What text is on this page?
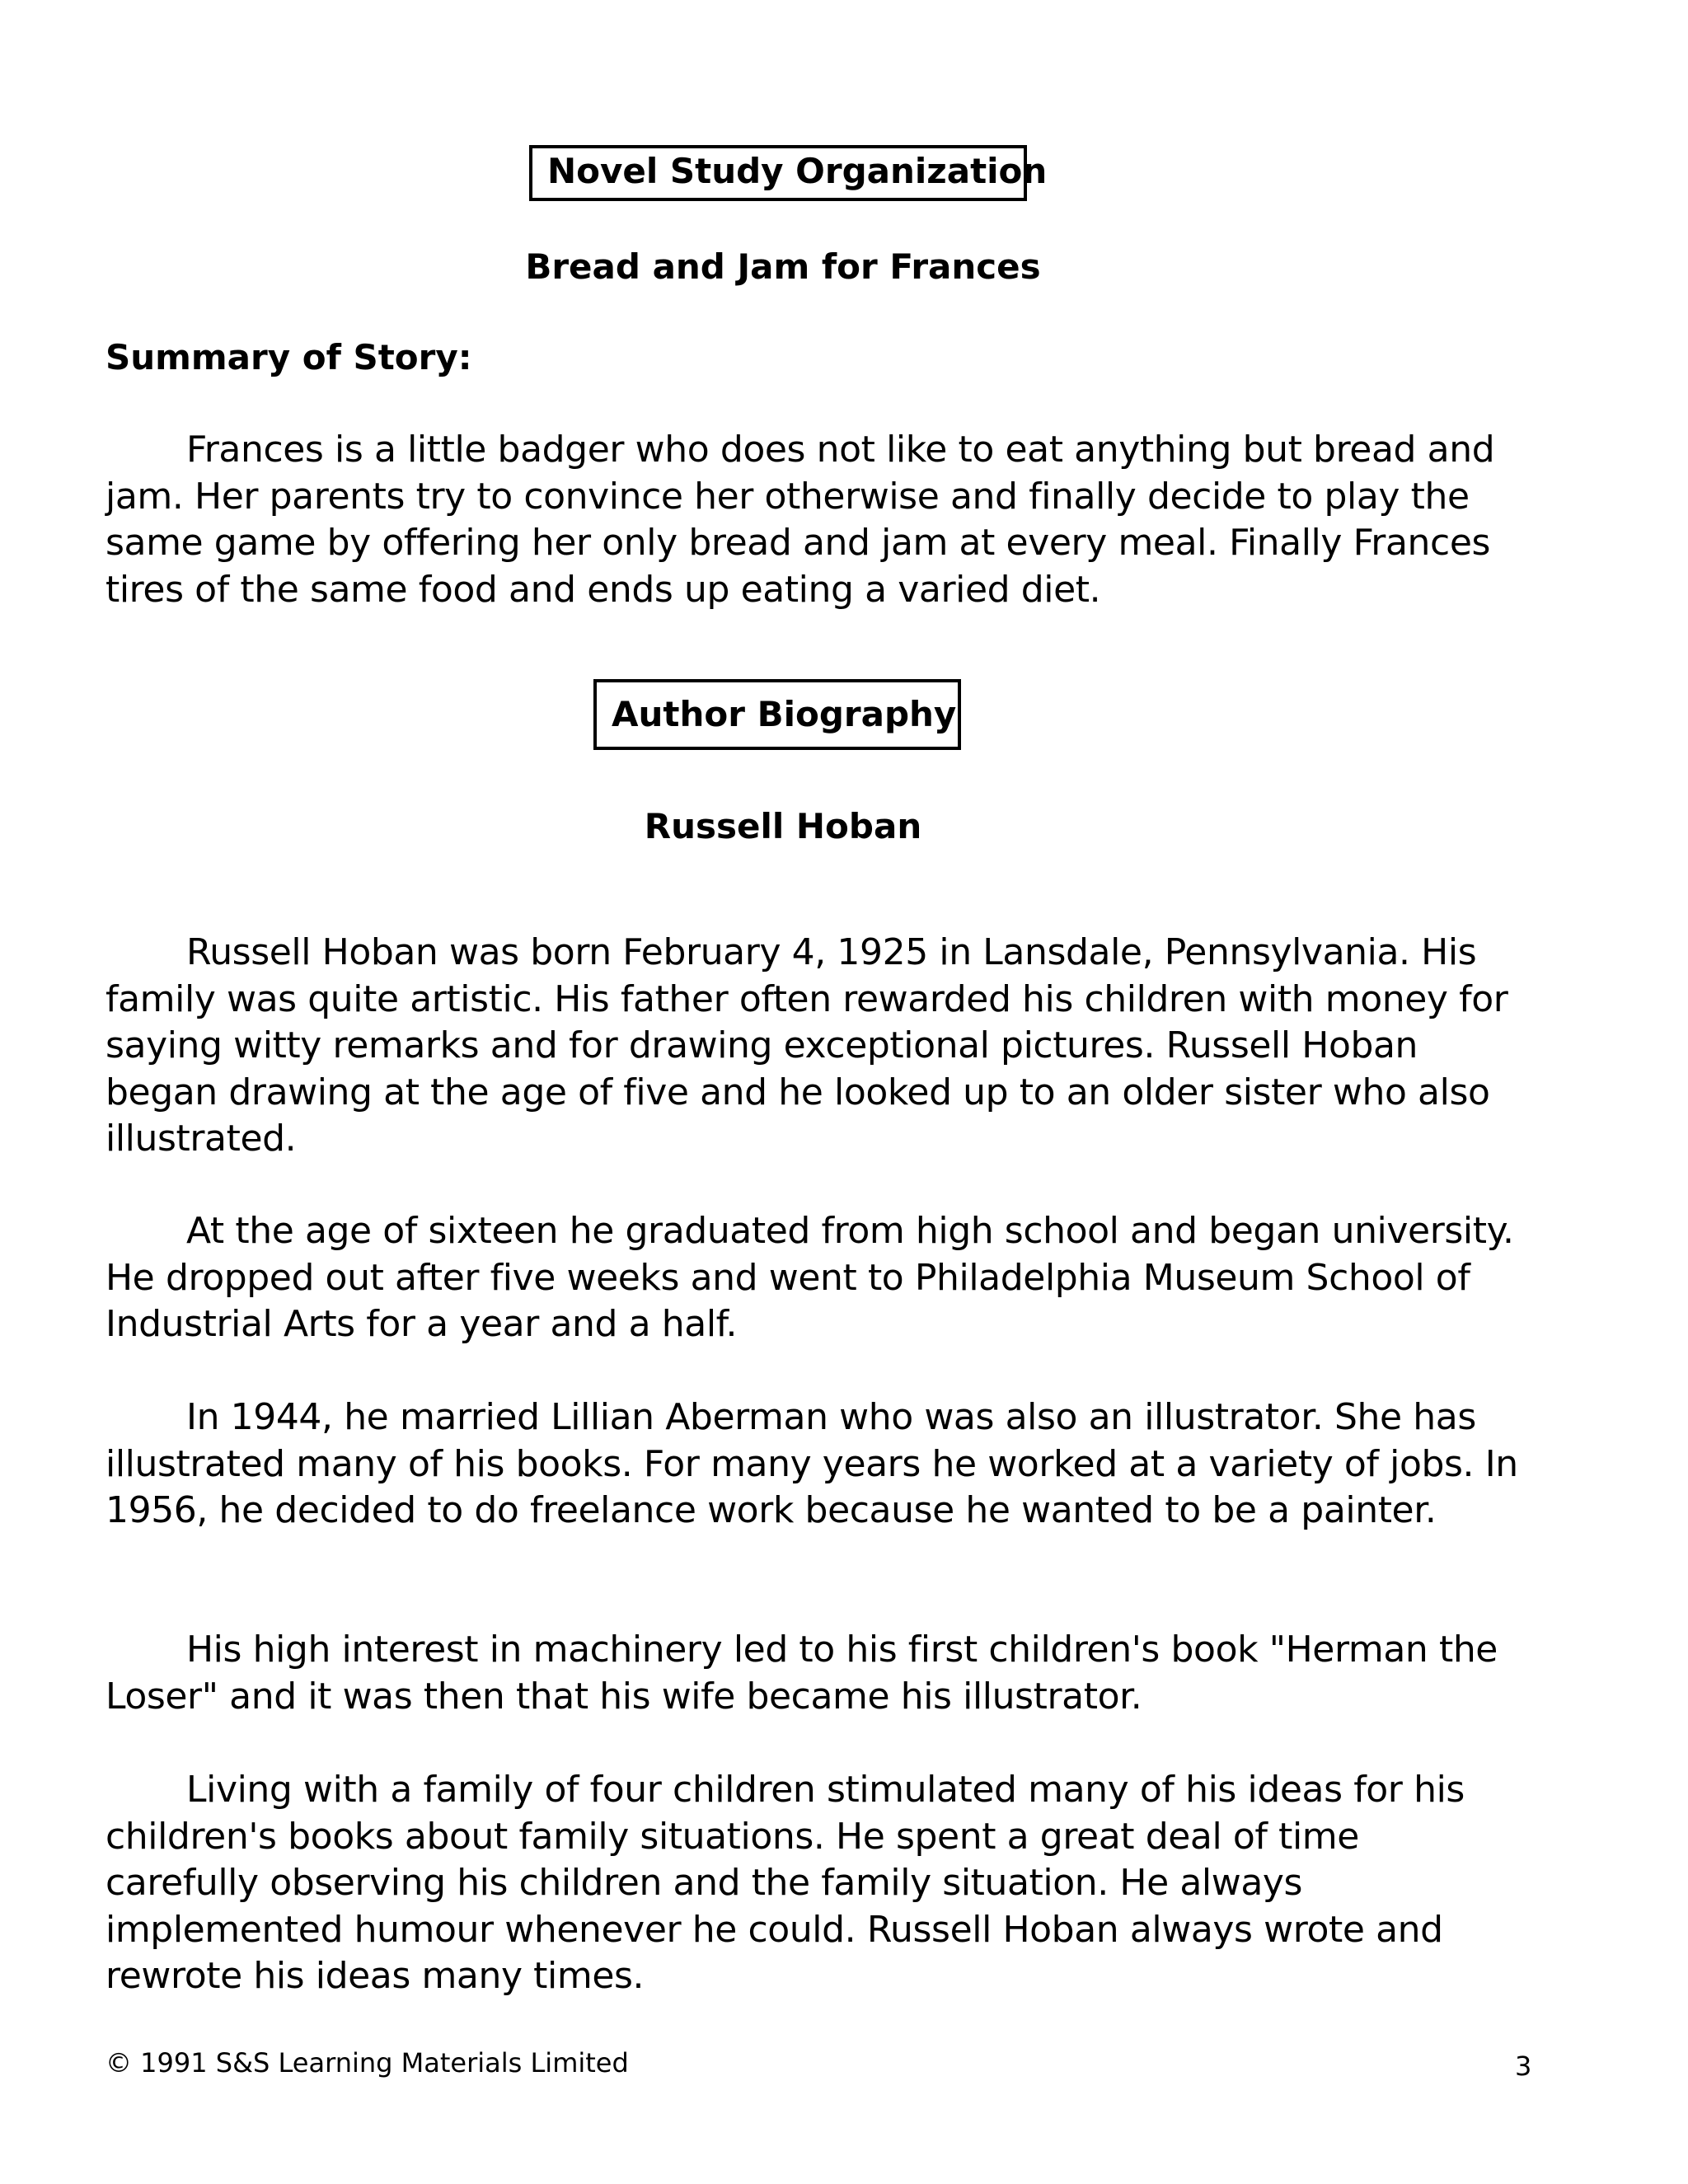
Novel Study Organization
Bread and Jam for Frances
Summary of Story:

Frances is a little badger who does not like to eat anything but bread and jam. Her parents try to convince her otherwise and finally decide to play the same game by offering her only bread and jam at every meal. Finally Frances tires of the same food and ends up eating a varied diet.

Author Biography
Russell Hoban

Russell Hoban was born February 4, 1925 in Lansdale, Pennsylvania. His family was quite artistic. His father often rewarded his children with money for saying witty remarks and for drawing exceptional pictures. Russell Hoban began drawing at the age of five and he looked up to an older sister who also illustrated.

At the age of sixteen he graduated from high school and began university. He dropped out after five weeks and went to Philadelphia Museum School of Industrial Arts for a year and a half.

In 1944, he married Lillian Aberman who was also an illustrator. She has illustrated many of his books. For many years he worked at a variety of jobs. In 1956, he decided to do freelance work because he wanted to be a painter.

His high interest in machinery led to his first children's book "Herman the Loser" and it was then that his wife became his illustrator.

Living with a family of four children stimulated many of his ideas for his children's books about family situations. He spent a great deal of time carefully observing his children and the family situation. He always implemented humour whenever he could. Russell Hoban always wrote and rewrote his ideas many times.

© 1991 S&S Learning Materials Limited	3
